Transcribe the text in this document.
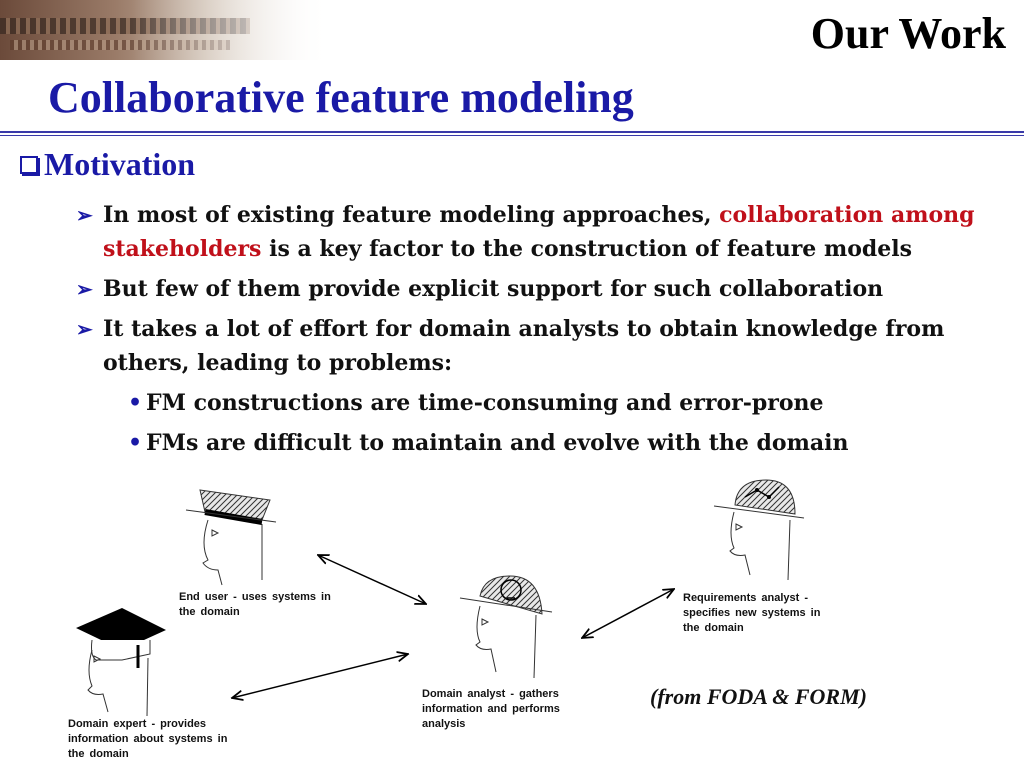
Our Work
Collaborative feature modeling
Motivation
➢ In most of existing feature modeling approaches, collaboration among stakeholders is a key factor to the construction of feature models
➢ But few of them provide explicit support for such collaboration
➢ It takes a lot of effort for domain analysts to obtain knowledge from others, leading to problems:
• FM constructions are time-consuming and error-prone
• FMs are difficult to maintain and evolve with the domain
End user - uses systems in
the domain
Requirements analyst -
specifies new systems in
the domain
Domain analyst - gathers
information and performs
analysis
Domain expert - provides
information about systems in
the domain
(from FODA & FORM)
